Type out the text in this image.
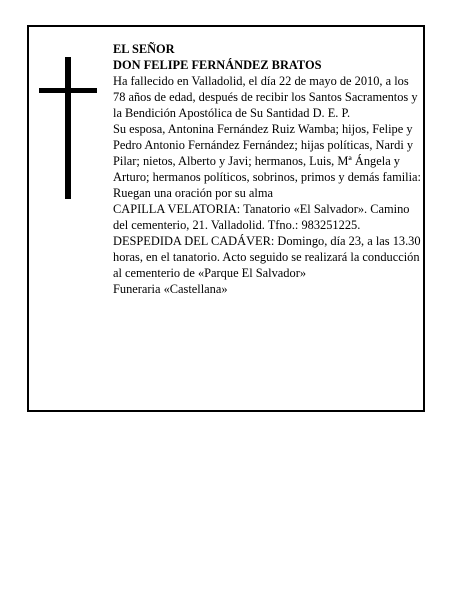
EL SEÑOR

DON FELIPE FERNÁNDEZ BRATOS

Ha fallecido en Valladolid, el día 22 de mayo de 2010, a los 78 años de edad, después de recibir los Santos Sacramentos y la Bendición Apostólica de Su Santidad D. E. P.

Su esposa, Antonina Fernández Ruiz Wamba; hijos, Felipe y Pedro Antonio Fernández Fernández; hijas políticas, Nardi y Pilar; nietos, Alberto y Javi; hermanos, Luis, Mª Ángela y Arturo; hermanos políticos, sobrinos, primos y demás familia:

Ruegan una oración por su alma

CAPILLA VELATORIA: Tanatorio «El Salvador». Camino del cementerio, 21. Valladolid. Tfno.: 983251225.

DESPEDIDA DEL CADÁVER: Domingo, día 23, a las 13.30 horas, en el tanatorio. Acto seguido se realizará la conducción al cementerio de «Parque El Salvador»

Funeraria «Castellana»
